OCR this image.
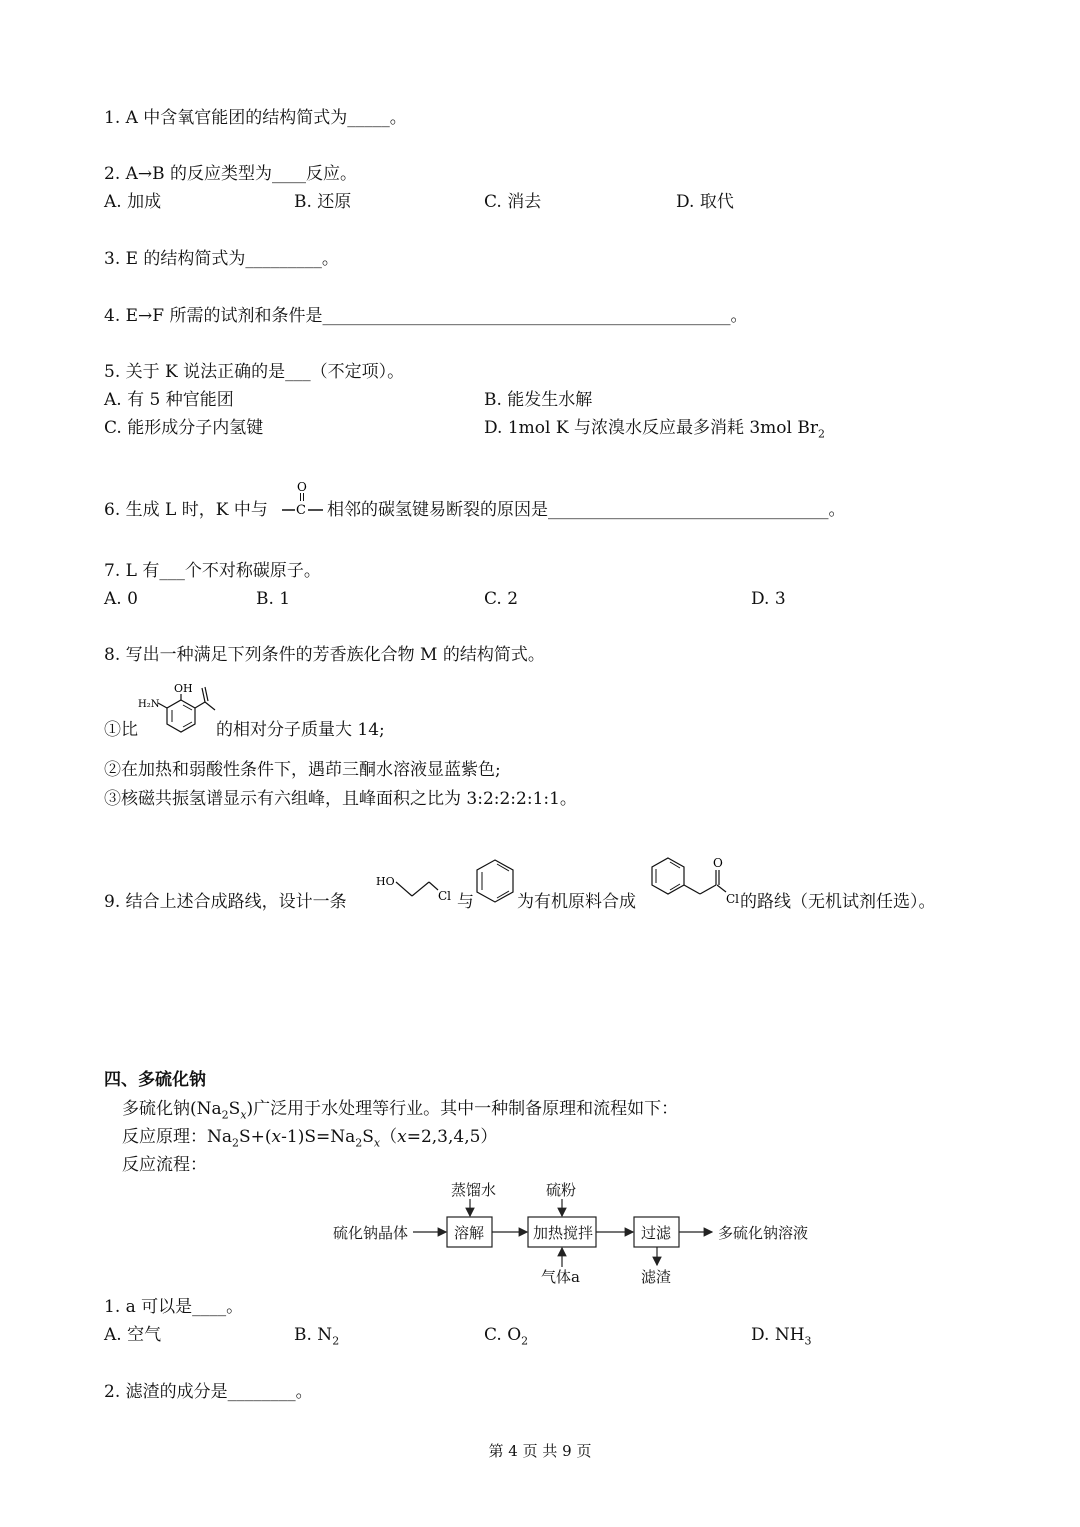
1. A 中含氧官能团的结构简式为_____。
2. A→B 的反应类型为____反应。
A. 加成	B. 还原	C. 消去	D. 取代
3. E 的结构简式为_________。
4. E→F 所需的试剂和条件是________________________________________________。
5. 关于 K 说法正确的是___（不定项）。
A. 有 5 种官能团	B. 能发生水解
C. 能形成分子内氢键	D. 1mol K 与浓溴水反应最多消耗 3mol $Br_2$
6. 生成 L 时，K 中与
O
C 相邻的碳氢键易断裂的原因是_________________________________。
7. L 有___个不对称碳原子。
A. 0	B. 1	C. 2	D. 3
8. 写出一种满足下列条件的芳香族化合物 M 的结构简式。
①比
OH
H₂N
的相对分子质量大 14;
②在加热和弱酸性条件下，遇茚三酮水溶液显蓝紫色;
③核磁共振氢谱显示有六组峰，且峰面积之比为 3:2:2:2:1:1。
9. 结合上述合成路线，设计一条
HO
Cl 与	为有机原料合成
O
Cl 的路线（无机试剂任选）。
四、多硫化钠
多硫化钠$(Na_2S_x)$广泛用于水处理等行业。其中一种制备原理和流程如下：
反应原理：$Na_2S+(x-1)S=Na_2S_x(x=2,3,4,5)$
反应流程：
硫化钠晶体
蒸馏水	硫粉
溶解	加热搅拌	过滤
气体a	滤渣
多硫化钠溶液
1. a 可以是____。
A. 空气	B. $N_2$	C. $O_2$	D. $NH_3$
2. 滤渣的成分是________。
第 4 页 共 9 页
